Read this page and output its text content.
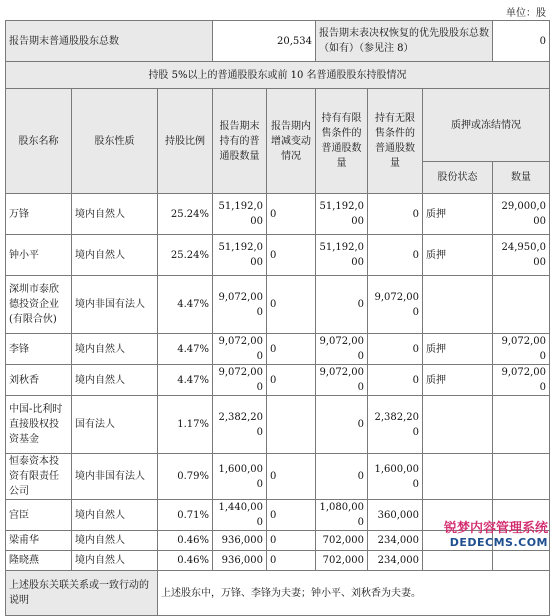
单位：股
报告期末普通股股东总数			20,534		报告期末表决权恢复的优先股股东总数（如有）（参见注 8）			0
持股 5%以上的普通股股东或前 10 名普通股股东持股情况								
股东名称	股东性质	持股比例	报告期末持有的普通股数量	报告期内增减变动情况	持有有限售条件的普通股数量	持有无限售条件的普通股数量	质押或冻结情况	
							股份状态	数量
万锋	境内自然人	25.24%	51,192,000	0	51,192,000	0	质押	29,000,000
钟小平	境内自然人	25.24%	51,192,000	0	51,192,000	0	质押	24,950,000
深圳市泰欣德投资企业(有限合伙)	境内非国有法人	4.47%	9,072,000	0	0	9,072,000		
李锋	境内自然人	4.47%	9,072,000	0	9,072,000	0	质押	9,072,000
刘秋香	境内自然人	4.47%	9,072,000	0	9,072,000	0	质押	9,072,000
中国-比利时直接股权投资基金	国有法人	1.17%	2,382,200		0	2,382,200		
恒泰资本投资有限责任公司	境内非国有法人	0.79%	1,600,000	0	0	1,600,000		
宫臣	境内自然人	0.71%	1,440,000	0	1,080,000	360,000		
梁甫华	境内自然人	0.46%	936,000	0	702,000	234,000		
隆晓燕	境内自然人	0.46%	936,000	0	702,000	234,000		
上述股东关联关系或一致行动的说明		上述股东中，万锋、李锋为夫妻；钟小平、刘秋香为夫妻。						
锐梦内容管理系统
DEDECMS.COM
